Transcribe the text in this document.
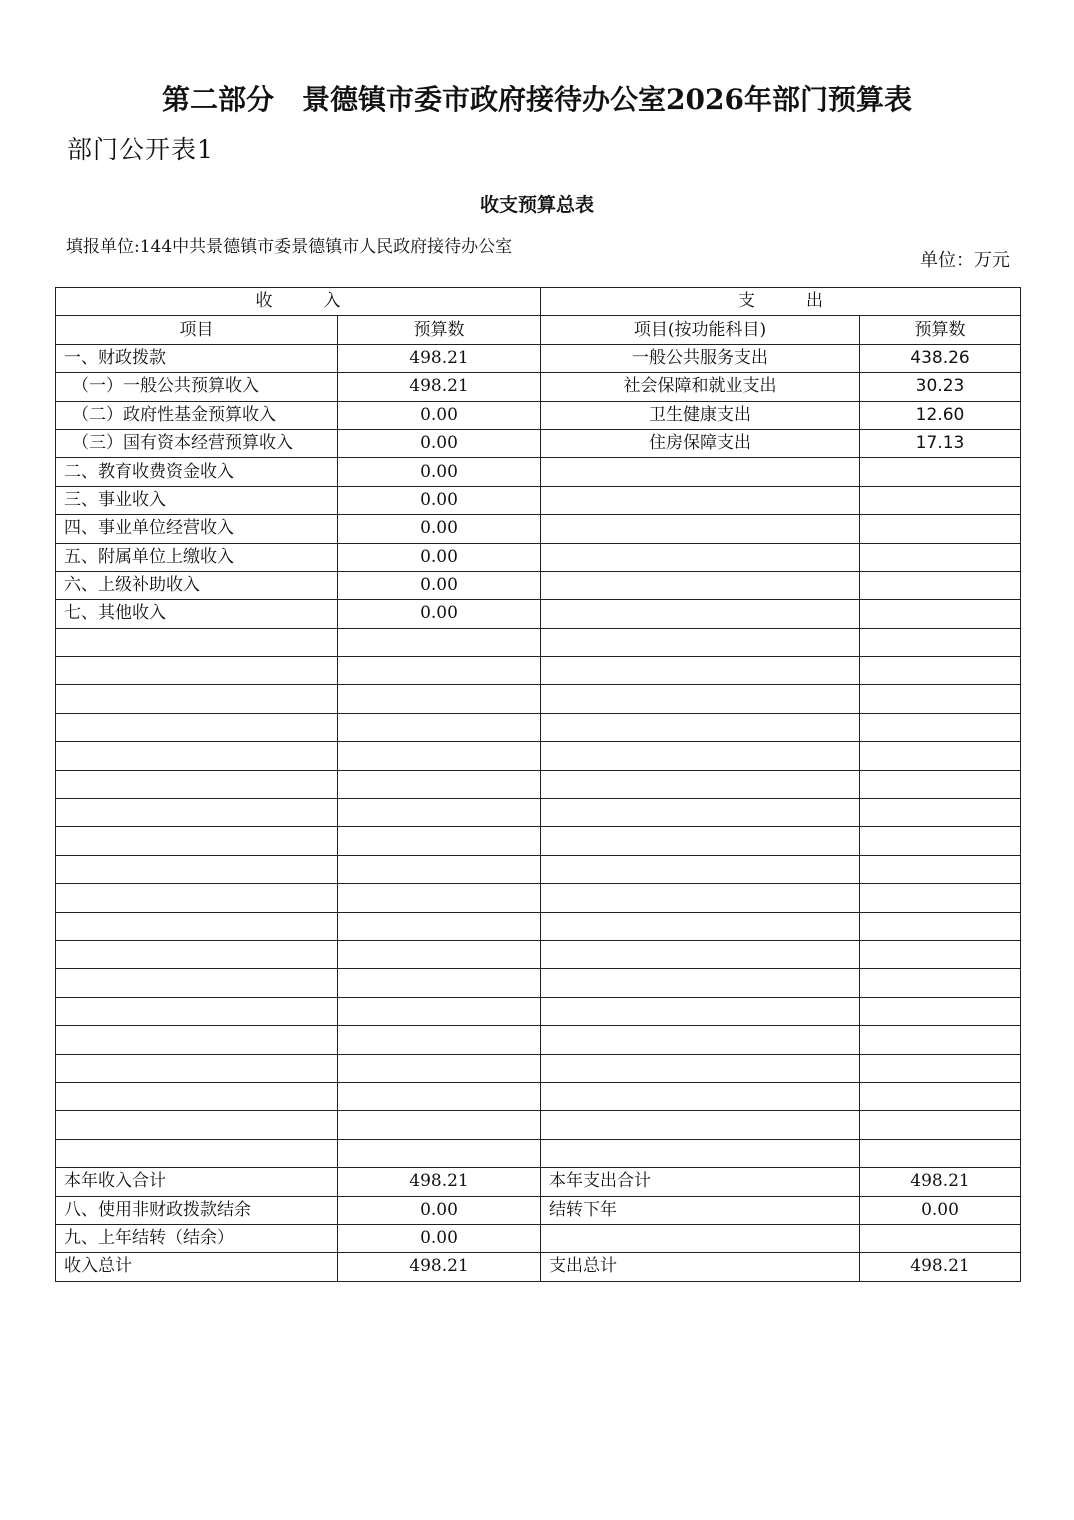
第二部分　景德镇市委市政府接待办公室2026年部门预算表
部门公开表1
收支预算总表
填报单位:144中共景德镇市委景德镇市人民政府接待办公室
单位：万元
收　　　入		支　　　出	
项目	预算数	项目(按功能科目)	预算数
一、财政拨款	498.21	一般公共服务支出	438.26
（一）一般公共预算收入	498.21	社会保障和就业支出	30.23
（二）政府性基金预算收入	0.00	卫生健康支出	12.60
（三）国有资本经营预算收入	0.00	住房保障支出	17.13
二、教育收费资金收入	0.00		
三、事业收入	0.00		
四、事业单位经营收入	0.00		
五、附属单位上缴收入	0.00		
六、上级补助收入	0.00		
七、其他收入	0.00		

本年收入合计	498.21	本年支出合计	498.21
八、使用非财政拨款结余	0.00	结转下年	0.00
九、上年结转（结余）	0.00		
收入总计	498.21	支出总计	498.21
